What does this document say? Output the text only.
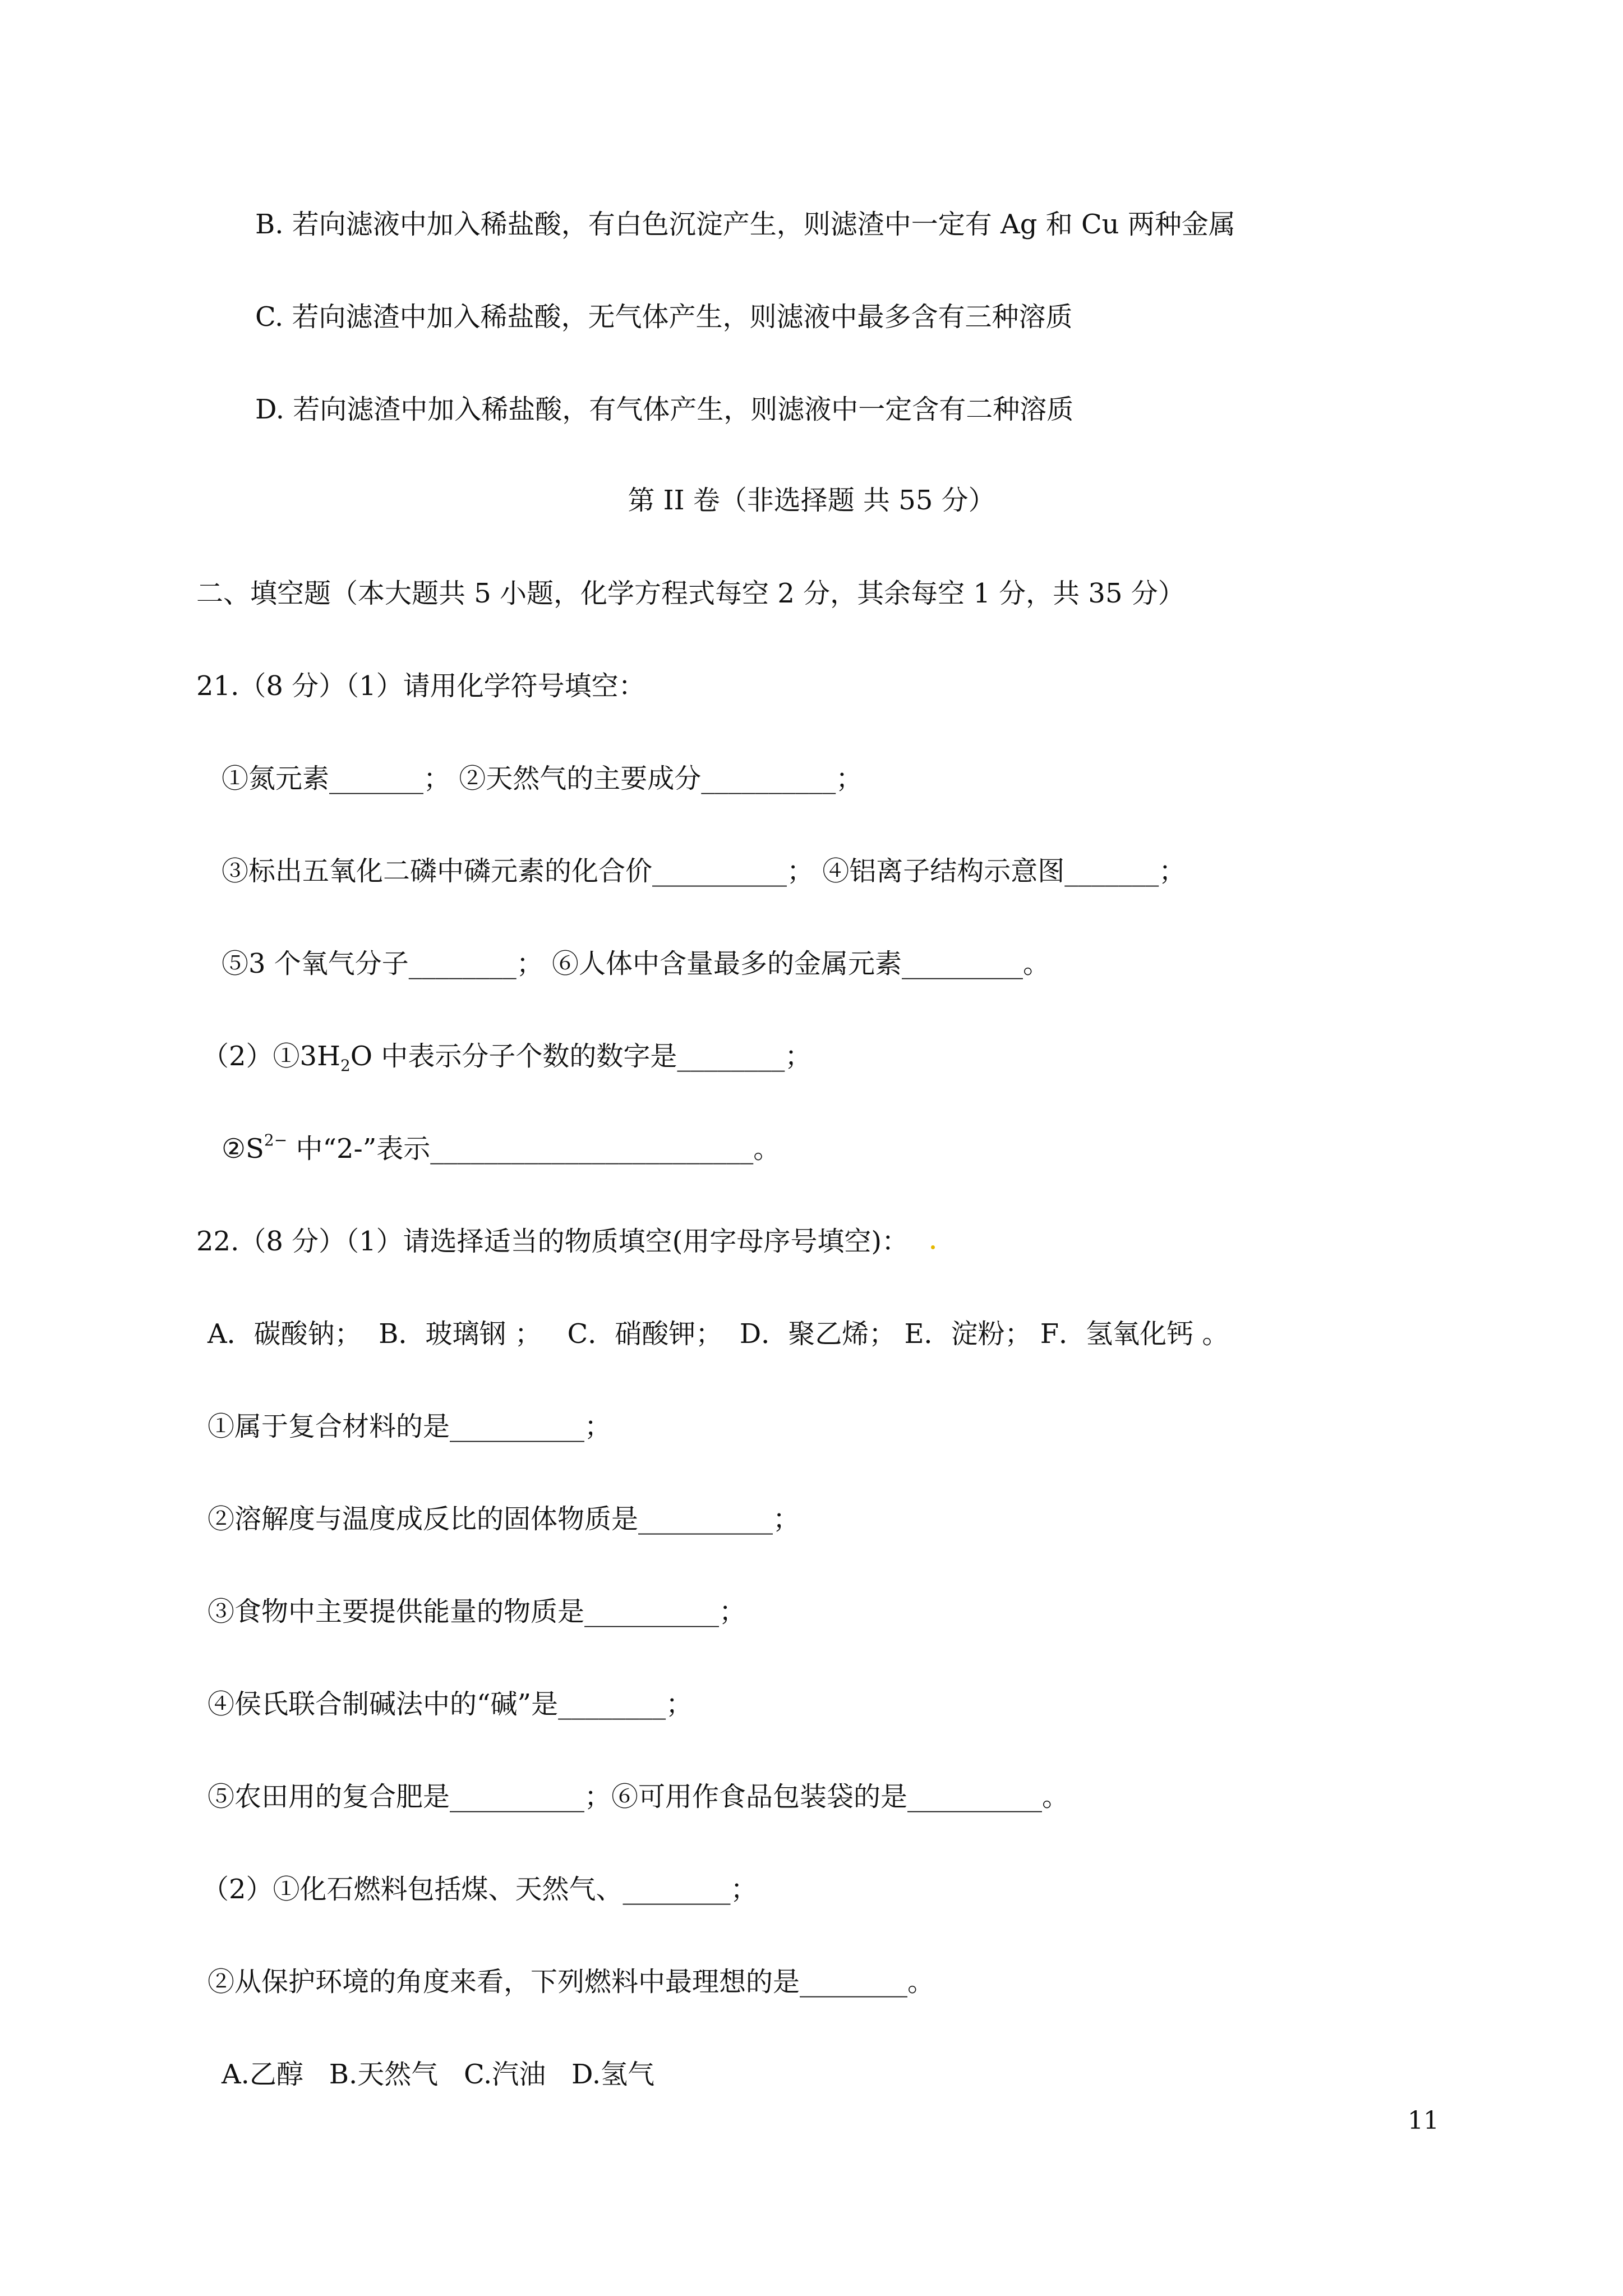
B. 若向滤液中加入稀盐酸，有白色沉淀产生，则滤渣中一定有 Ag 和 Cu 两种金属
C. 若向滤渣中加入稀盐酸，无气体产生，则滤液中最多含有三种溶质
D. 若向滤渣中加入稀盐酸，有气体产生，则滤液中一定含有二种溶质
第 II 卷（非选择题 共 55 分）
二、填空题（本大题共 5 小题，化学方程式每空 2 分，其余每空 1 分，共 35 分）
21.（8 分）（1）请用化学符号填空：
①氮元素_______； ②天然气的主要成分__________；
③标出五氧化二磷中磷元素的化合价__________； ④铝离子结构示意图_______；
⑤3 个氧气分子________； ⑥人体中含量最多的金属元素_________。
$(2)①3H_2O$ 中表示分子个数的数字是________；
$②S^{2-}$ 中“2-”表示________________________。
22.（8 分）（1）请选择适当的物质填空(用字母序号填空)：
A．碳酸钠；  B．玻璃钢 ；   C．硝酸钾；  D．聚乙烯； E．淀粉； F．氢氧化钙 。
①属于复合材料的是__________；
②溶解度与温度成反比的固体物质是__________；
③食物中主要提供能量的物质是__________；
④侯氏联合制碱法中的“碱”是________；
⑤农田用的复合肥是__________；⑥可用作食品包装袋的是__________。
（2）①化石燃料包括煤、天然气、________；
②从保护环境的角度来看，下列燃料中最理想的是________。
A.乙醇   B.天然气   C.汽油   D.氢气
11
